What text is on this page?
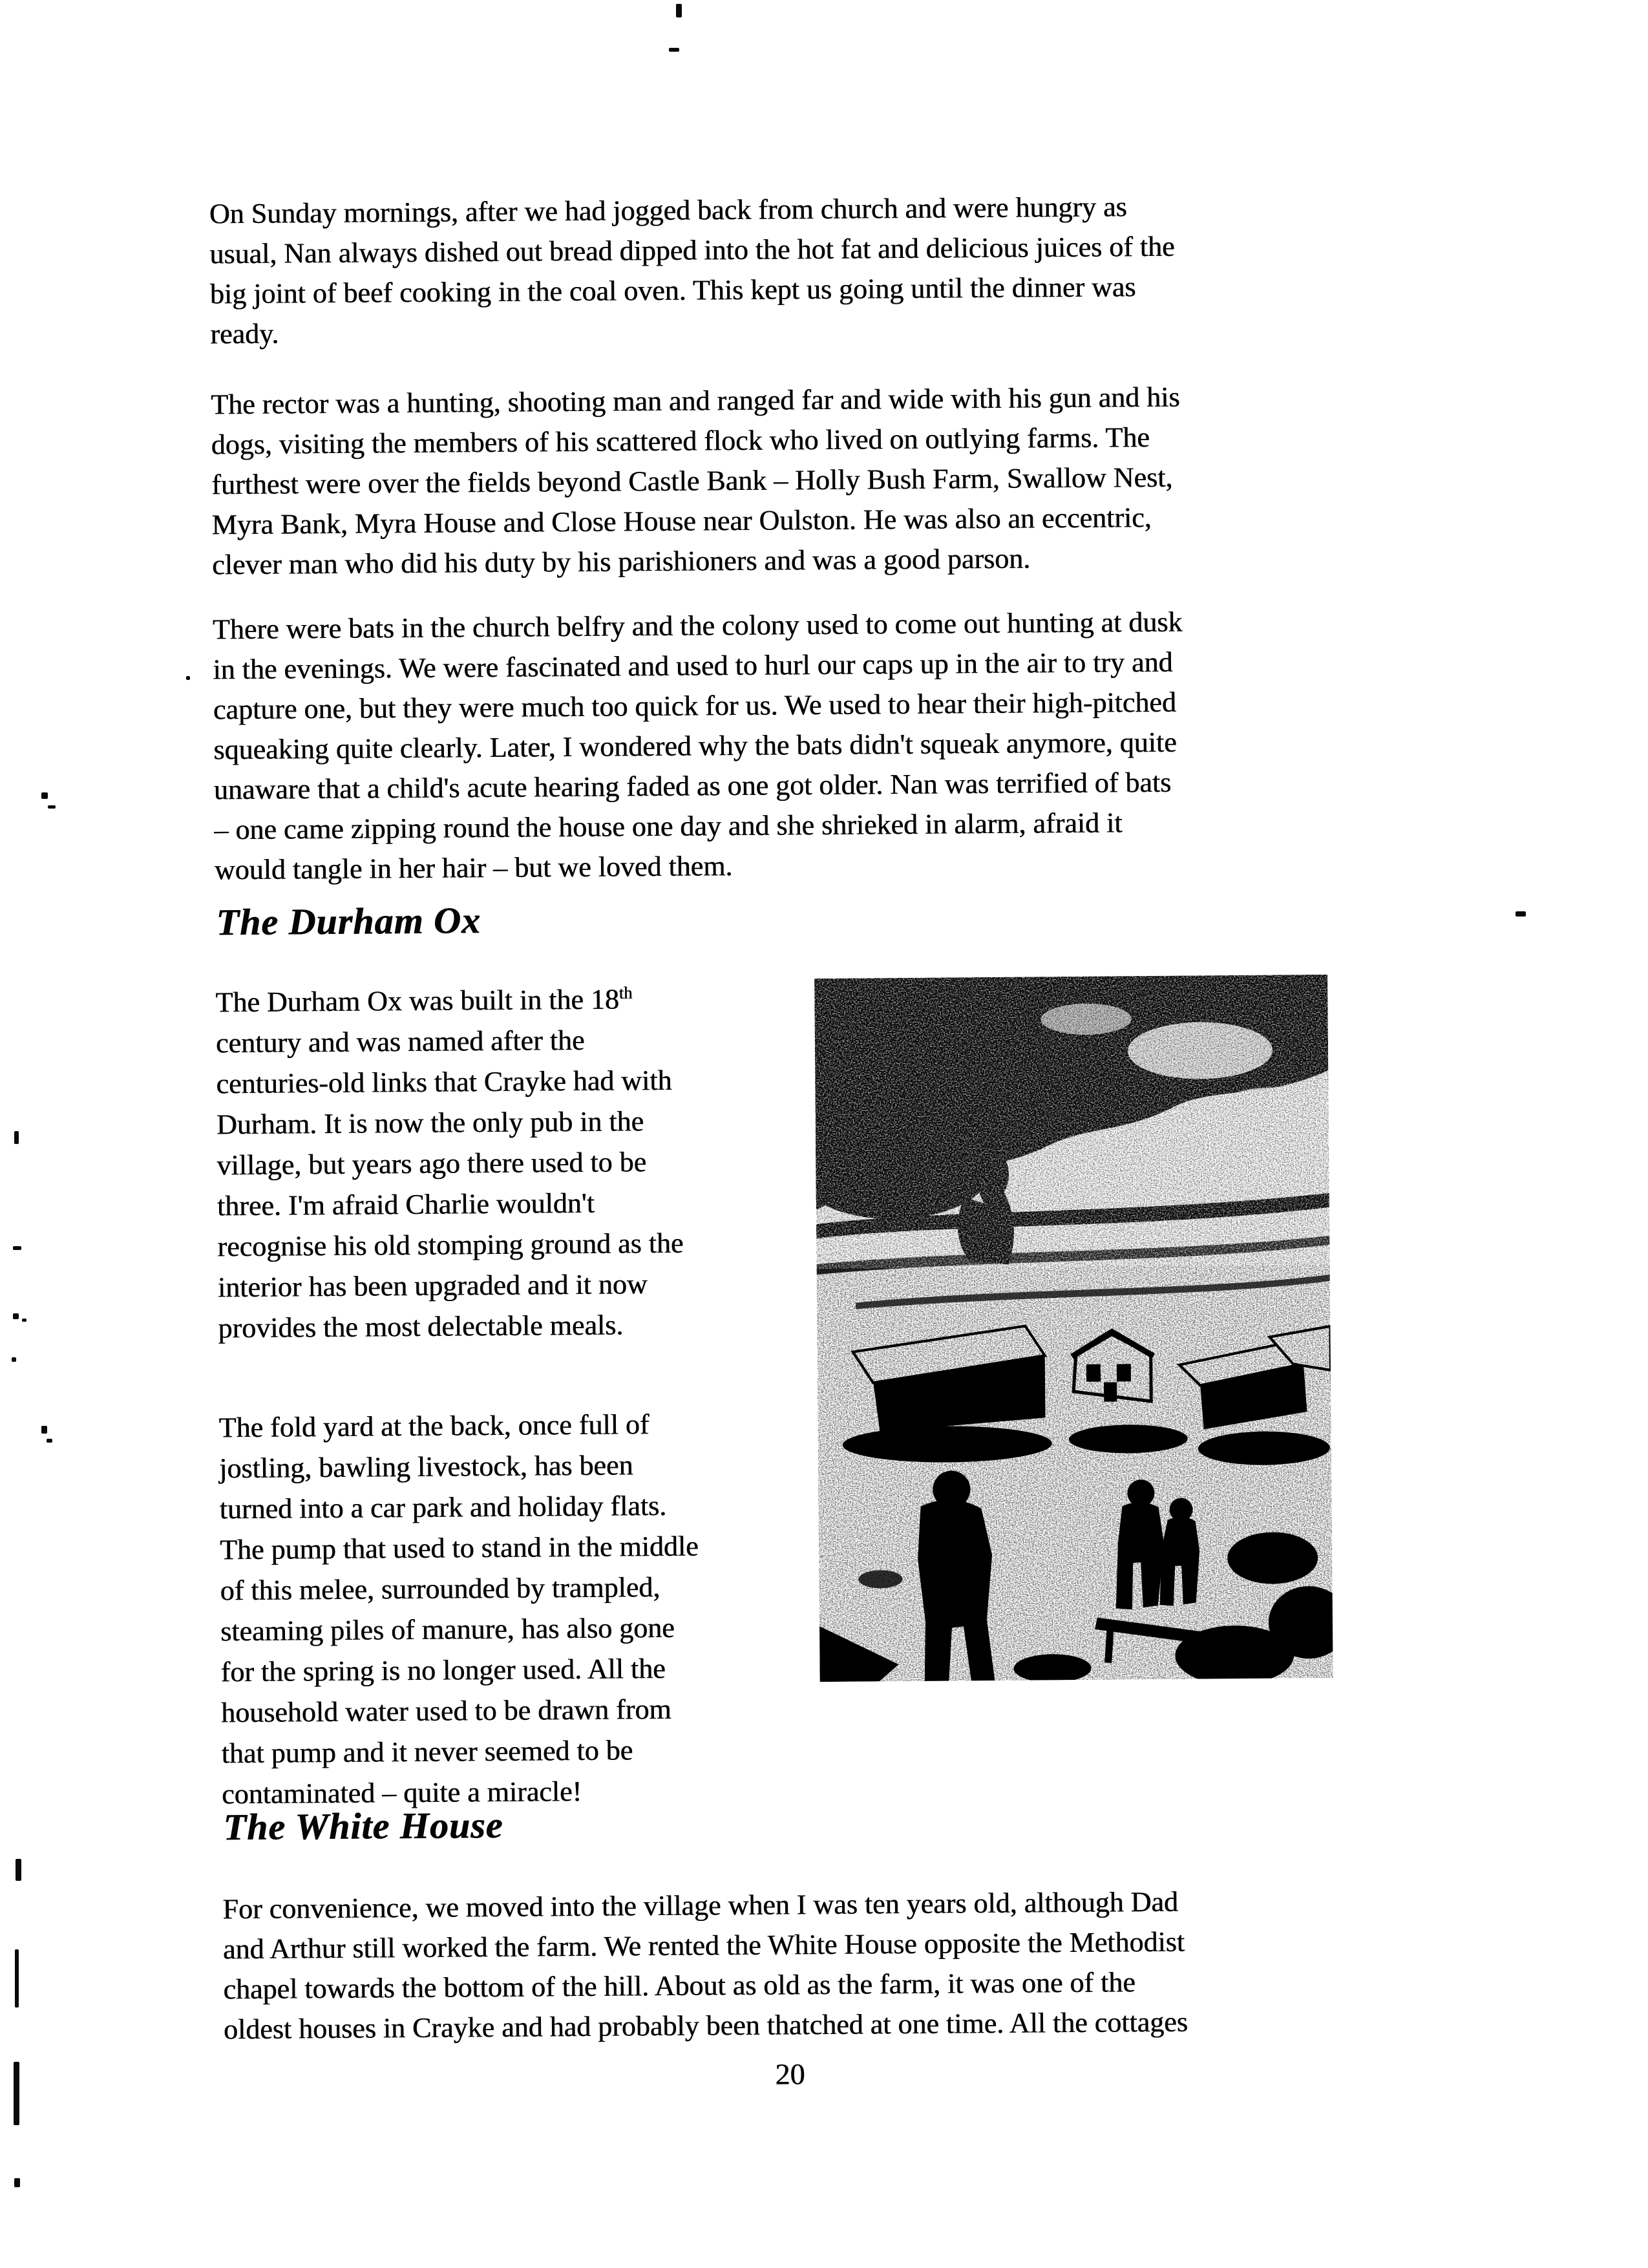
On Sunday mornings, after we had jogged back from church and were hungry as
usual, Nan always dished out bread dipped into the hot fat and delicious juices of the
big joint of beef cooking in the coal oven. This kept us going until the dinner was
ready.
The rector was a hunting, shooting man and ranged far and wide with his gun and his
dogs, visiting the members of his scattered flock who lived on outlying farms. The
furthest were over the fields beyond Castle Bank – Holly Bush Farm, Swallow Nest,
Myra Bank, Myra House and Close House near Oulston. He was also an eccentric,
clever man who did his duty by his parishioners and was a good parson.
There were bats in the church belfry and the colony used to come out hunting at dusk
in the evenings. We were fascinated and used to hurl our caps up in the air to try and
capture one, but they were much too quick for us. We used to hear their high-pitched
squeaking quite clearly. Later, I wondered why the bats didn't squeak anymore, quite
unaware that a child's acute hearing faded as one got older. Nan was terrified of bats
– one came zipping round the house one day and she shrieked in alarm, afraid it
would tangle in her hair – but we loved them.
The Durham Ox
The Durham Ox was built in the 18th
century and was named after the
centuries-old links that Crayke had with
Durham. It is now the only pub in the
village, but years ago there used to be
three. I'm afraid Charlie wouldn't
recognise his old stomping ground as the
interior has been upgraded and it now
provides the most delectable meals.
The fold yard at the back, once full of
jostling, bawling livestock, has been
turned into a car park and holiday flats.
The pump that used to stand in the middle
of this melee, surrounded by trampled,
steaming piles of manure, has also gone
for the spring is no longer used. All the
household water used to be drawn from
that pump and it never seemed to be
contaminated – quite a miracle!
The White House
For convenience, we moved into the village when I was ten years old, although Dad
and Arthur still worked the farm. We rented the White House opposite the Methodist
chapel towards the bottom of the hill. About as old as the farm, it was one of the
oldest houses in Crayke and had probably been thatched at one time. All the cottages
20
